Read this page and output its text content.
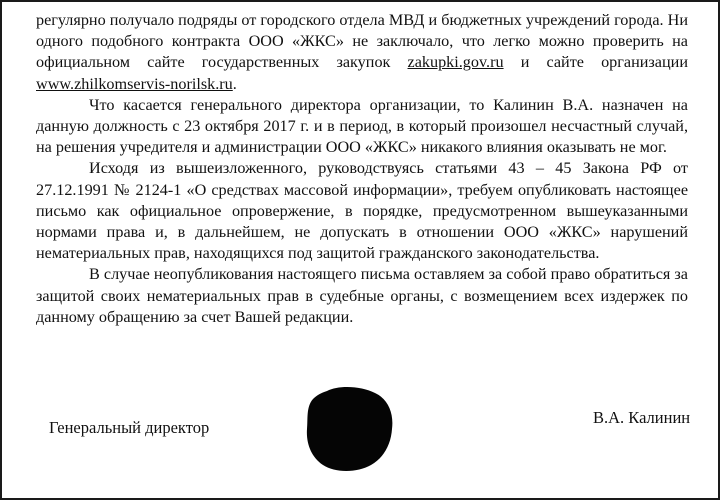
регулярно получало подряды от городского отдела МВД и бюджетных учреждений города. Ни одного подобного контракта ООО «ЖКС» не заключало, что легко можно проверить на официальном сайте государственных закупок zakupki.gov.ru и сайте организации www.zhilkomservis-norilsk.ru.

Что касается генерального директора организации, то Калинин В.А. назначен на данную должность с 23 октября 2017 г. и в период, в который произошел несчастный случай, на решения учредителя и администрации ООО «ЖКС» никакого влияния оказывать не мог.

Исходя из вышеизложенного, руководствуясь статьями 43 – 45 Закона РФ от 27.12.1991 № 2124-1 «О средствах массовой информации», требуем опубликовать настоящее письмо как официальное опровержение, в порядке, предусмотренном вышеуказанными нормами права и, в дальнейшем, не допускать в отношении ООО «ЖКС» нарушений нематериальных прав, находящихся под защитой гражданского законодательства.

В случае неопубликования настоящего письма оставляем за собой право обратиться за защитой своих нематериальных прав в судебные органы, с возмещением всех издержек по данному обращению за счет Вашей редакции.

Генеральный директор
В.А. Калинин
